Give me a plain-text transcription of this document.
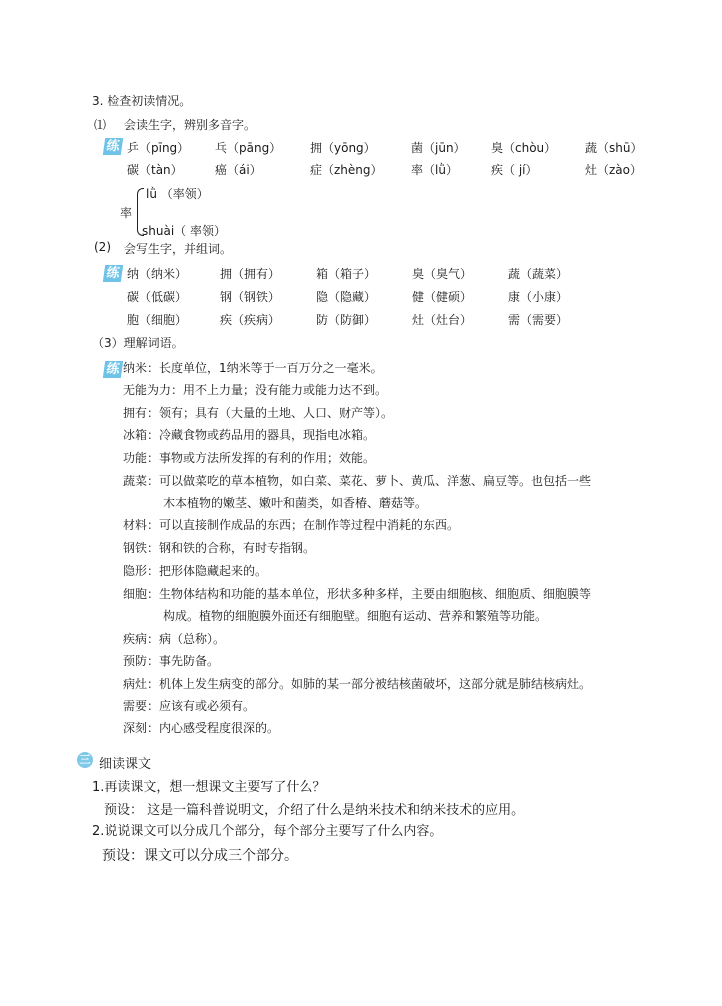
3. 检查初读情况。
⑴ 会读生字，辨别多音字。
练 乒（pīng） 乓（pāng） 拥（yōng）	菌（jūn） 臭（chòu） 蔬（shū）
碳（tàn）	癌（ái）	症（zhèng） 率（lǜ）	疾（ jí）	灶（zào）
率
lǜ （率领）
shuài（ 率领）
(2) 会写生字，并组词。
练 纳（纳米）	拥（拥有）	箱（箱子）	臭（臭气）	蔬（蔬菜）
碳（低碳）	钢（钢铁）	隐（隐藏）	健（健硕）	康（小康）
胞（细胞）	疾（疾病）	防（防御）	灶（灶台）	需（需要）
（3）理解词语。
练 纳米：长度单位，1纳米等于一百万分之一毫米。
无能为力：用不上力量；没有能力或能力达不到。
拥有：领有；具有（大量的土地、人口、财产等）。
冰箱：冷藏食物或药品用的器具，现指电冰箱。
功能：事物或方法所发挥的有利的作用；效能。
蔬菜：可以做菜吃的草本植物，如白菜、菜花、萝卜、黄瓜、洋葱、扁豆等。也包括一些
木本植物的嫩茎、嫩叶和菌类，如香椿、蘑菇等。
材料：可以直接制作成品的东西；在制作等过程中消耗的东西。
钢铁：钢和铁的合称，有时专指钢。
隐形：把形体隐藏起来的。
细胞：生物体结构和功能的基本单位，形状多种多样，主要由细胞核、细胞质、细胞膜等
构成。植物的细胞膜外面还有细胞壁。细胞有运动、营养和繁殖等功能。
疾病：病（总称）。
预防：事先防备。
病灶：机体上发生病变的部分。如肺的某一部分被结核菌破坏，这部分就是肺结核病灶。
需要：应该有或必须有。
深刻：内心感受程度很深的。
三 细读课文
1.再读课文，想一想课文主要写了什么？
预设： 这是一篇科普说明文，介绍了什么是纳米技术和纳米技术的应用。
2.说说课文可以分成几个部分，每个部分主要写了什么内容。
预设：课文可以分成三个部分。
